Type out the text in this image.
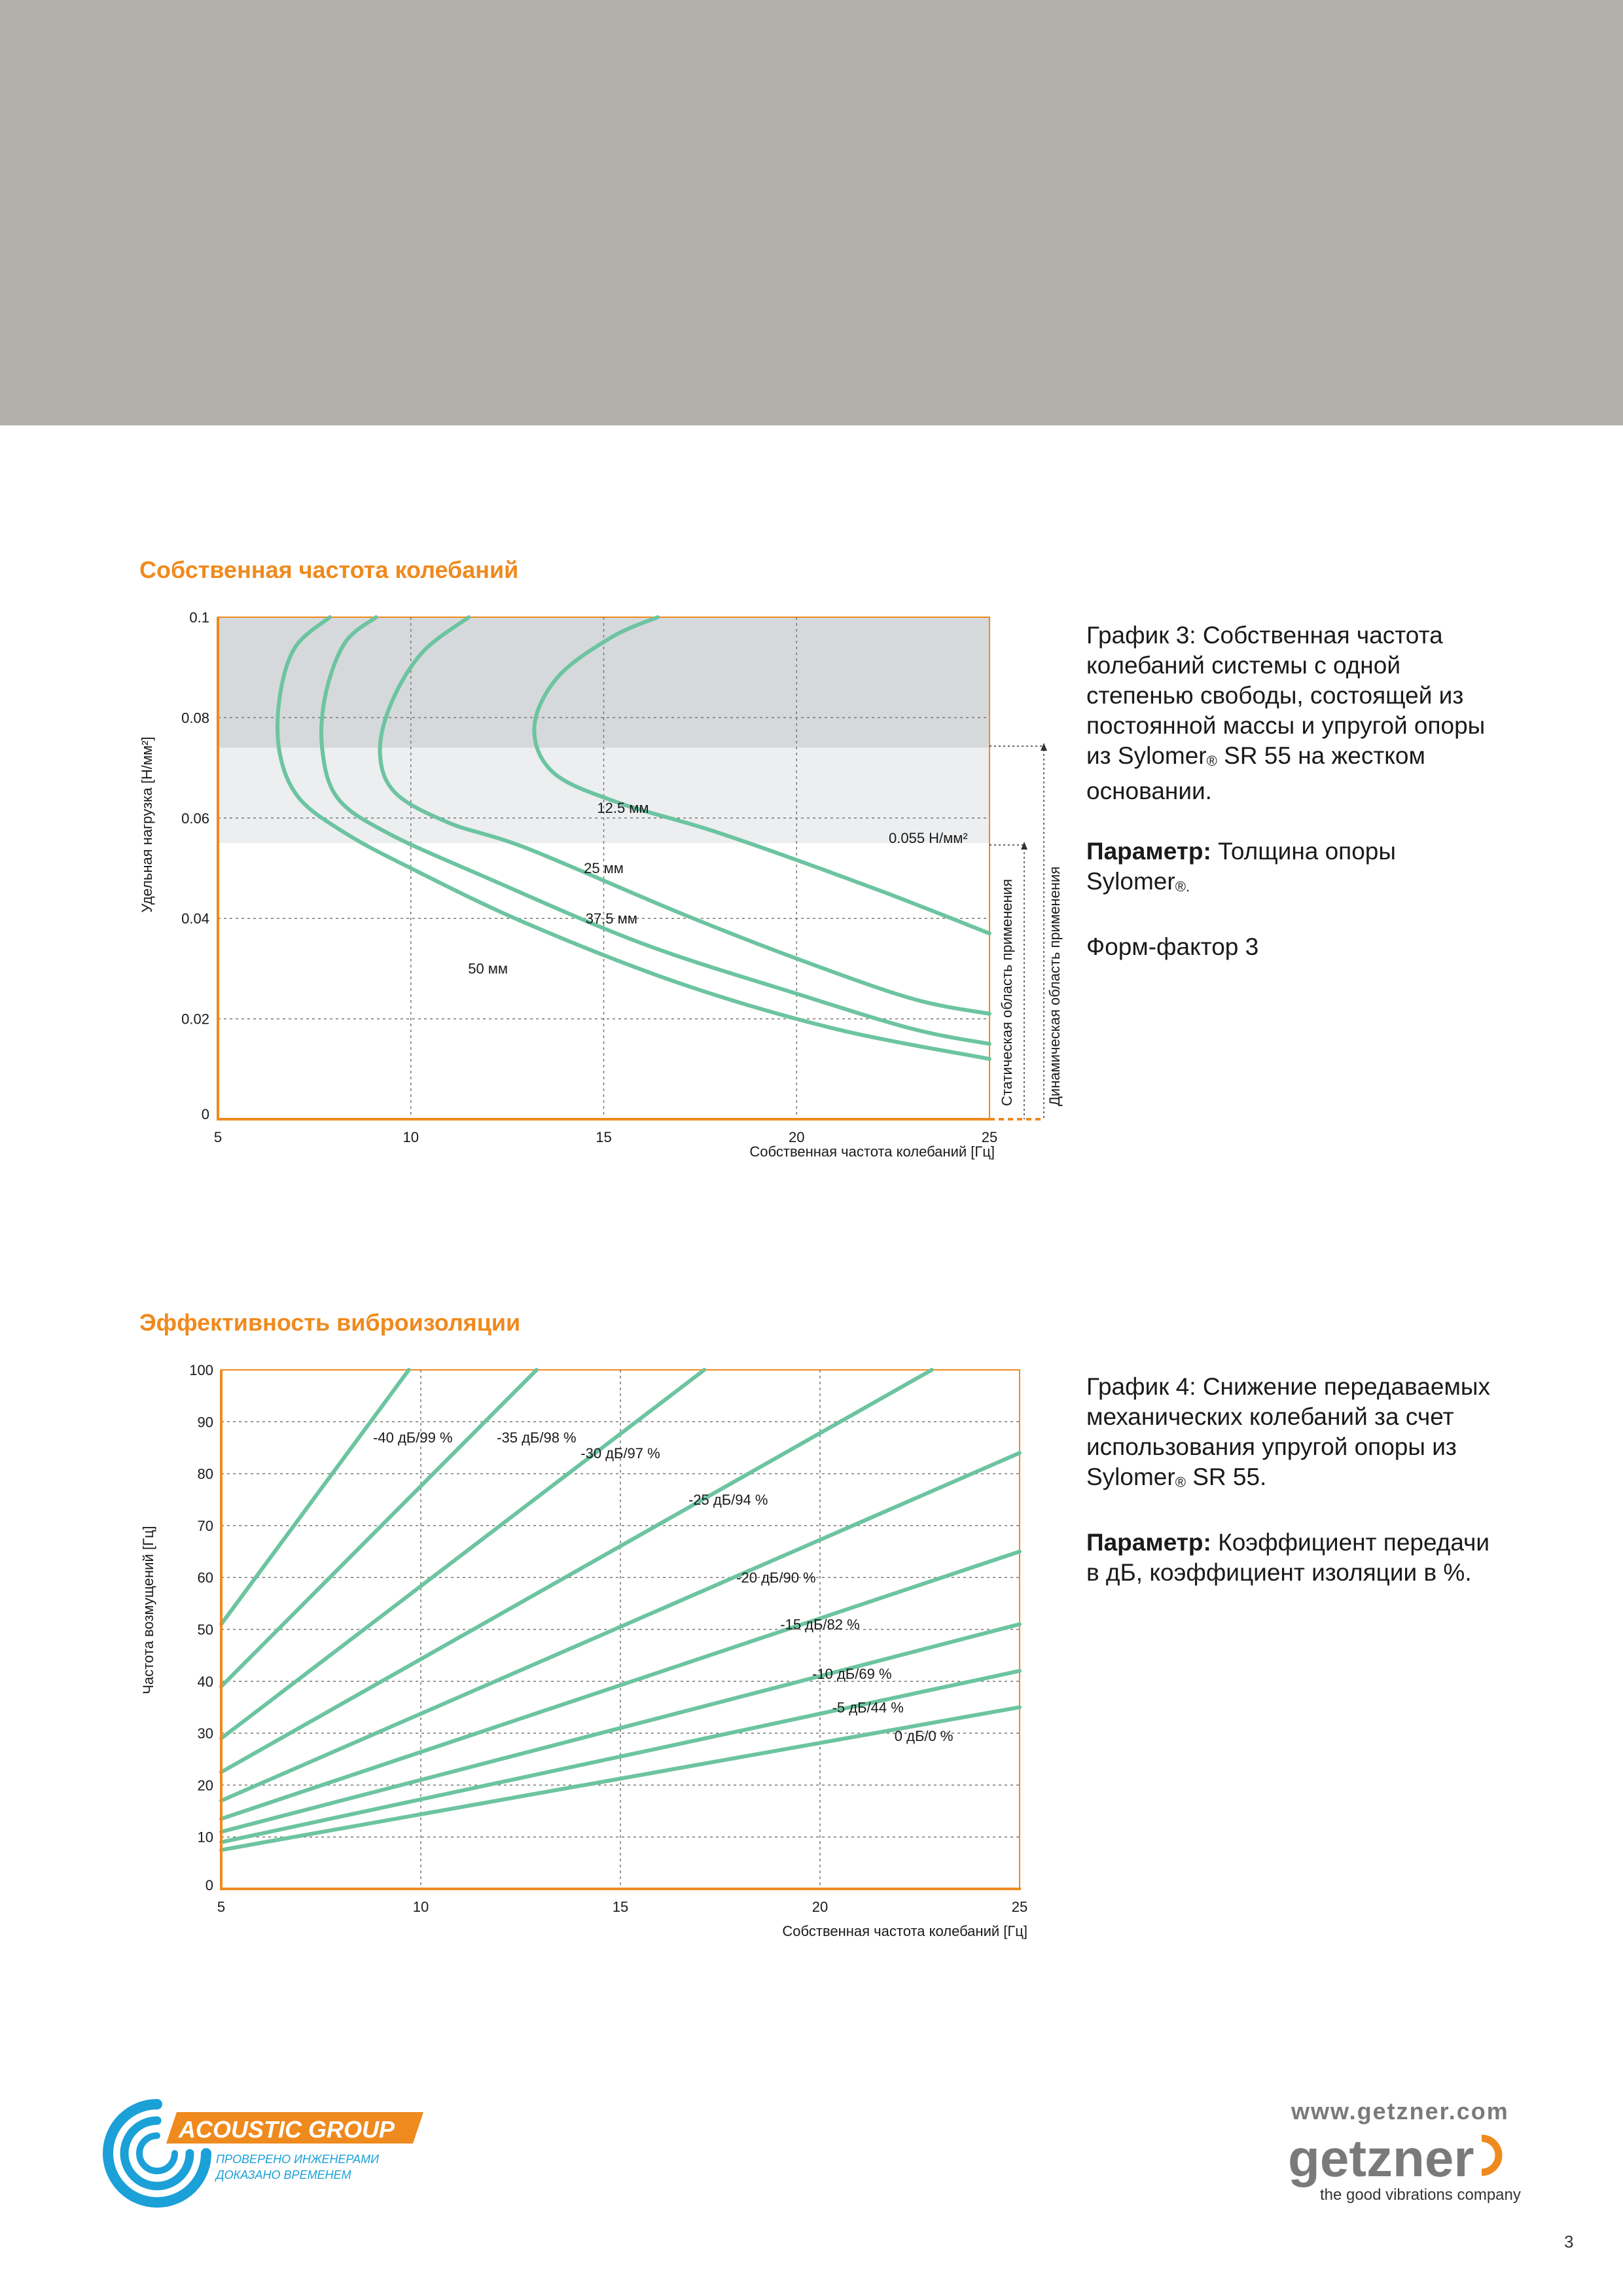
Собственная частота колебаний
5	10	15	20	25
0
0.02
0.04
0.06
0.08
0.1
Статическая область применения Динамическая область применения
0.055 Н/мм²
Собственная частота колебаний [Гц]
Удельная нагрузка [Н/мм²]	12.5 мм
25 мм
37.5 мм
50 мм

График 3: Собственная частота колебаний системы с одной степенью свободы, состоящей из постоянной массы и упругой опоры из Sylomer® SR 55 на жестком основании.

Параметр: Толщина опоры Sylomer®.

Форм-фактор 3

Эффективность виброизоляции
5	10	15	20	25
0
10
20
30
40
50
60
70
80
90
100
-40 дБ/99 %	-35 дБ/98 %
-30 дБ/97 %
-25 дБ/94 %
-20 дБ/90 %
-15 дБ/82 %
-10 дБ/69 %
-5 дБ/44 %
0 дБ/0 %
Собственная частота колебаний [Гц]
Частота возмущений [Гц]

График 4: Снижение передаваемых механических колебаний за счет использования упругой опоры из Sylomer® SR 55.

Параметр: Коэффициент передачи в дБ, коэффициент изоляции в %.

ACOUSTIC GROUP
ПРОВЕРЕНО ИНЖЕНЕРАМИ
ДОКАЗАНО ВРЕМЕНЕМ
www.getzner.com
getzner
the good vibrations company
3
